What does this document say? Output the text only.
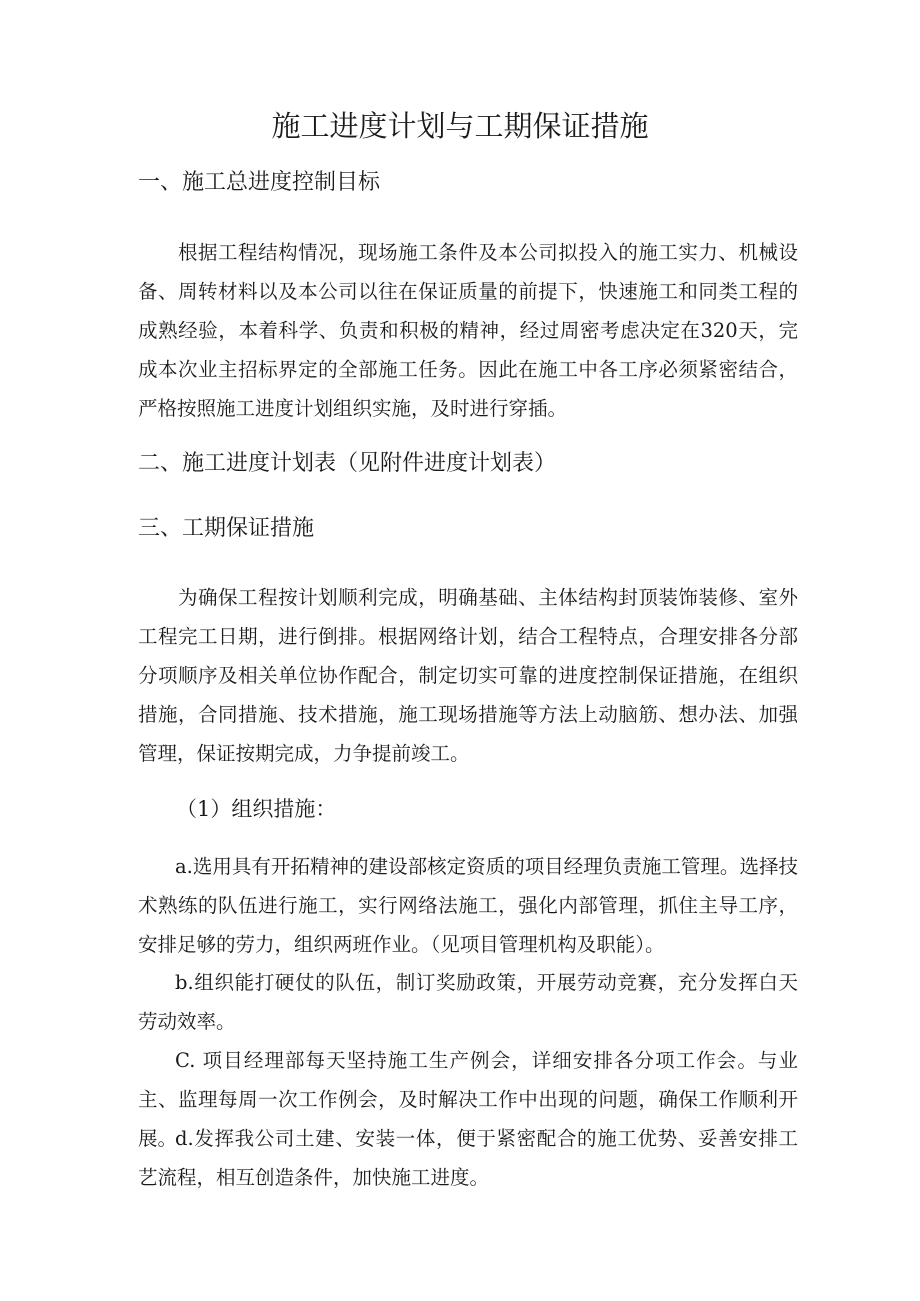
施工进度计划与工期保证措施
一、施工总进度控制目标

根据工程结构情况，现场施工条件及本公司拟投入的施工实力、机械设备、周转材料以及本公司以往在保证质量的前提下，快速施工和同类工程的成熟经验，本着科学、负责和积极的精神，经过周密考虑决定在320天，完成本次业主招标界定的全部施工任务。因此在施工中各工序必须紧密结合，严格按照施工进度计划组织实施，及时进行穿插。

二、施工进度计划表（见附件进度计划表）
三、工期保证措施

为确保工程按计划顺利完成，明确基础、主体结构封顶装饰装修、室外工程完工日期，进行倒排。根据网络计划，结合工程特点，合理安排各分部分项顺序及相关单位协作配合，制定切实可靠的进度控制保证措施，在组织措施，合同措施、技术措施，施工现场措施等方法上动脑筋、想办法、加强管理，保证按期完成，力争提前竣工。

（1）组织措施：

a.选用具有开拓精神的建设部核定资质的项目经理负责施工管理。选择技术熟练的队伍进行施工，实行网络法施工，强化内部管理，抓住主导工序，安排足够的劳力，组织两班作业。（见项目管理机构及职能）。

b.组织能打硬仗的队伍，制订奖励政策，开展劳动竞赛，充分发挥白天劳动效率。

C. 项目经理部每天坚持施工生产例会，详细安排各分项工作会。与业主、监理每周一次工作例会，及时解决工作中出现的问题，确保工作顺利开展。

d.发挥我公司土建、安装一体，便于紧密配合的施工优势、妥善安排工艺流程，相互创造条件，加快施工进度。
